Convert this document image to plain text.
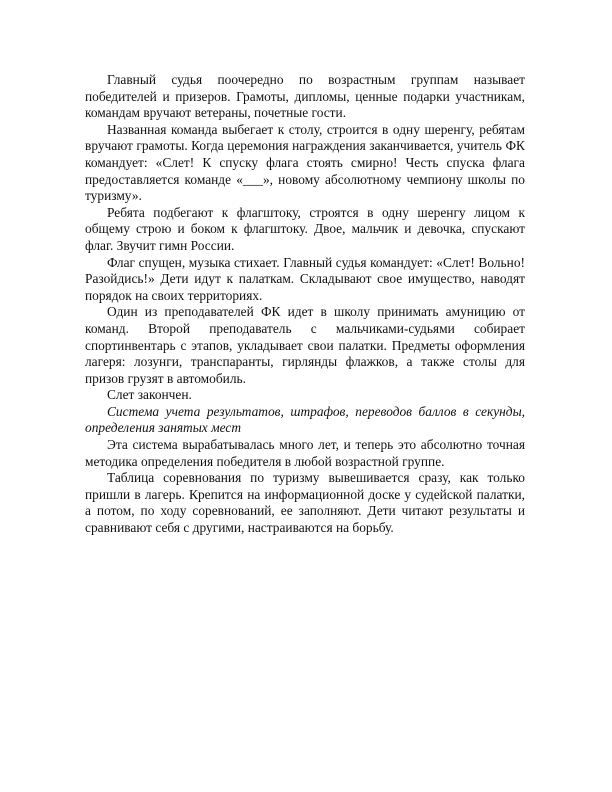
Главный судья поочередно по возрастным группам называет победителей и призеров. Грамоты, дипломы, ценные подарки участникам, командам вручают ветераны, почетные гости.

Названная команда выбегает к столу, строится в одну шеренгу, ребятам вручают грамоты. Когда церемония награждения заканчивается, учитель ФК командует: «Слет! К спуску флага стоять смирно! Честь спуска флага предоставляется команде «___», новому абсолютному чемпиону школы по туризму».

Ребята подбегают к флагштоку, строятся в одну шеренгу лицом к общему строю и боком к флагштоку. Двое, мальчик и девочка, спускают флаг. Звучит гимн России.

Флаг спущен, музыка стихает. Главный судья командует: «Слет! Вольно! Разойдись!» Дети идут к палаткам. Складывают свое имущество, наводят порядок на своих территориях.

Один из преподавателей ФК идет в школу принимать амуницию от команд. Второй преподаватель с мальчиками-судьями собирает спортинвентарь с этапов, укладывает свои палатки. Предметы оформления лагеря: лозунги, транспаранты, гирлянды флажков, а также столы для призов грузят в автомобиль.

Слет закончен.

Система учета результатов, штрафов, переводов баллов в секунды, определения занятых мест

Эта система вырабатывалась много лет, и теперь это абсолютно точная методика определения победителя в любой возрастной группе.

Таблица соревнования по туризму вывешивается сразу, как только пришли в лагерь. Крепится на информационной доске у судейской палатки, а потом, по ходу соревнований, ее заполняют. Дети читают результаты и сравнивают себя с другими, настраиваются на борьбу.
